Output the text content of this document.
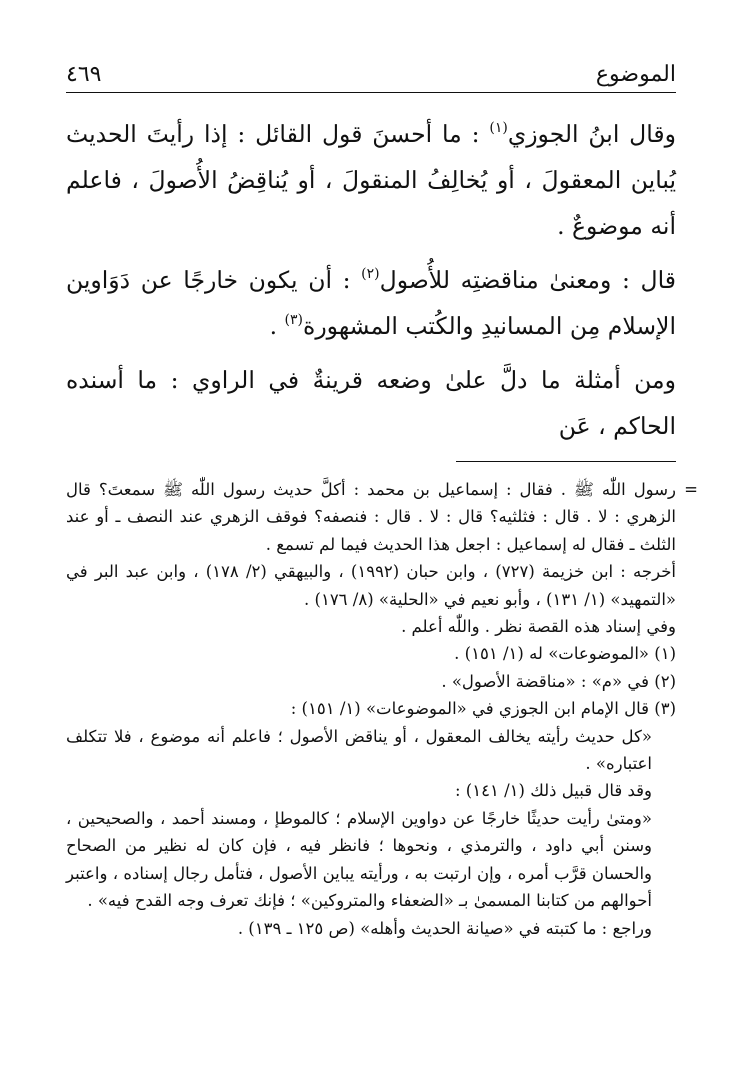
الموضوع
٤٦٩

وقال ابنُ الجوزي$^{(١)}$ : ما أحسنَ قول القائل : إذا رأيتَ الحديث يُباين المعقولَ ، أو يُخالِفُ المنقولَ ، أو يُناقِضُ الأُصولَ ، فاعلم أنه موضوعٌ .

قال : ومعنىٰ مناقضتِه للأُصول$^{(٢)}$ : أن يكون خارجًا عن دَوَاوين الإسلام مِن المسانيدِ والكُتب المشهورة$^{(٣)}$ .

ومن أمثلة ما دلَّ علىٰ وضعه قرينةٌ في الراوي : ما أسنده الحاكم ، عَن

=
رسول اللّٰه ﷺ . فقال : إسماعيل بن محمد : أكلَّ حديث رسول اللّٰه ﷺ سمعتَ؟ قال الزهري : لا . قال : فثلثيه؟ قال : لا . قال : فنصفه؟ فوقف الزهري عند النصف ـ أو عند الثلث ـ فقال له إسماعيل : اجعل هذا الحديث فيما لم تسمع .

أخرجه : ابن خزيمة (٧٢٧) ، وابن حبان (١٩٩٢) ، والبيهقي (٢/ ١٧٨) ، وابن عبد البر في «التمهيد» (١/ ١٣١) ، وأبو نعيم في «الحلية» (٨/ ١٧٦) .

وفي إسناد هذه القصة نظر . واللّٰه أعلم .

(١) «الموضوعات» له (١/ ١٥١) .

(٢) في «م» : «مناقضة الأصول» .

(٣) قال الإمام ابن الجوزي في «الموضوعات» (١/ ١٥١) :

«كل حديث رأيته يخالف المعقول ، أو يناقض الأصول ؛ فاعلم أنه موضوع ، فلا تتكلف اعتباره» .

وقد قال قبيل ذلك (١/ ١٤١) :

«ومتىٰ رأيت حديثًا خارجًا عن دواوين الإسلام ؛ كالموطإ ، ومسند أحمد ، والصحيحين ، وسنن أبي داود ، والترمذي ، ونحوها ؛ فانظر فيه ، فإن كان له نظير من الصحاح والحسان قرَّب أمره ، وإن ارتبت به ، ورأيته يباين الأصول ، فتأمل رجال إسناده ، واعتبر أحوالهم من كتابنا المسمىٰ بـ «الضعفاء والمتروكين» ؛ فإنك تعرف وجه القدح فيه» .

وراجع : ما كتبته في «صيانة الحديث وأهله» (ص ١٢٥ ـ ١٣٩) .
